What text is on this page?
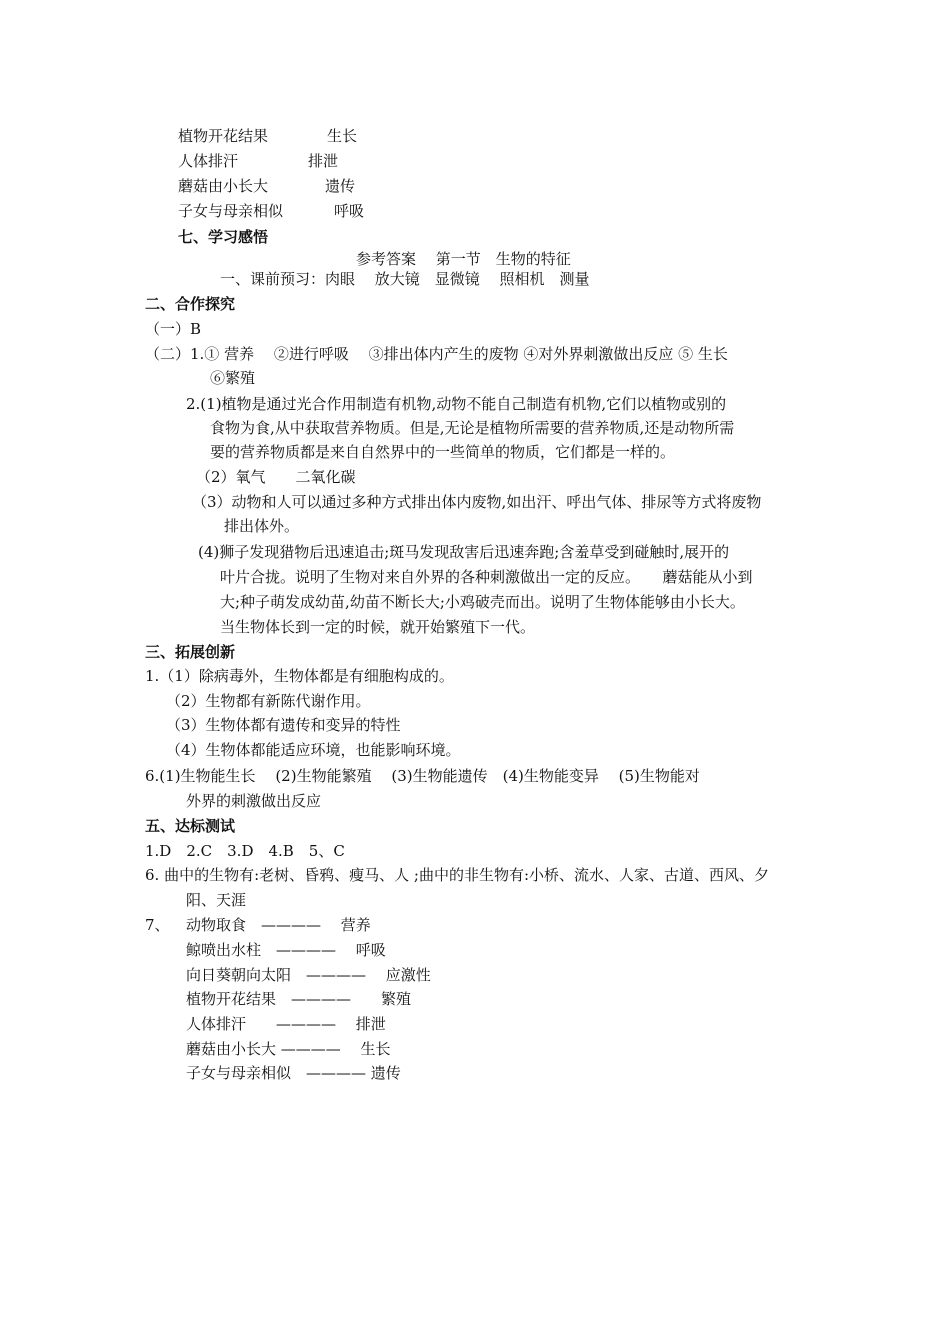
植物开花结果	生长
人体排汗	排泄
蘑菇由小长大	遗传
子女与母亲相似	呼吸
七、学习感悟
参考答案　 第一节　生物的特征
一、课前预习：肉眼　 放大镜　显微镜　 照相机　测量
二、合作探究
（一）B
（二）1.① 营养　 ②进行呼吸　 ③排出体内产生的废物 ④对外界刺激做出反应 ⑤ 生长
⑥繁殖
2.(1)植物是通过光合作用制造有机物,动物不能自己制造有机物,它们以植物或别的
食物为食,从中获取营养物质。但是,无论是植物所需要的营养物质,还是动物所需
要的营养物质都是来自自然界中的一些简单的物质，它们都是一样的。
（2）氧气　　二氧化碳
（3）动物和人可以通过多种方式排出体内废物,如出汗、呼出气体、排尿等方式将废物
排出体外。
(4)狮子发现猎物后迅速追击;斑马发现敌害后迅速奔跑;含羞草受到碰触时,展开的
叶片合拢。说明了生物对来自外界的各种刺激做出一定的反应。　　蘑菇能从小到
大;种子萌发成幼苗,幼苗不断长大;小鸡破壳而出。说明了生物体能够由小长大。
当生物体长到一定的时候，就开始繁殖下一代。
三、拓展创新
1.（1）除病毒外，生物体都是有细胞构成的。
（2）生物都有新陈代谢作用。
（3）生物体都有遗传和变异的特性
（4）生物体都能适应环境，也能影响环境。
6.(1)生物能生长　 (2)生物能繁殖　 (3)生物能遗传　(4)生物能变异　 (5)生物能对
外界的刺激做出反应
五、达标测试
1.D　2.C　3.D　4.B　5、C
6. 曲中的生物有:老树、昏鸦、瘦马、人 ;曲中的非生物有:小桥、流水、人家、古道、西风、夕
阳、天涯
7、 动物取食　————　 营养
鲸喷出水柱　————　 呼吸
向日葵朝向太阳　————　 应激性
植物开花结果　————　　繁殖
人体排汗　　————　 排泄
蘑菇由小长大 ————　 生长
子女与母亲相似　———— 遗传
